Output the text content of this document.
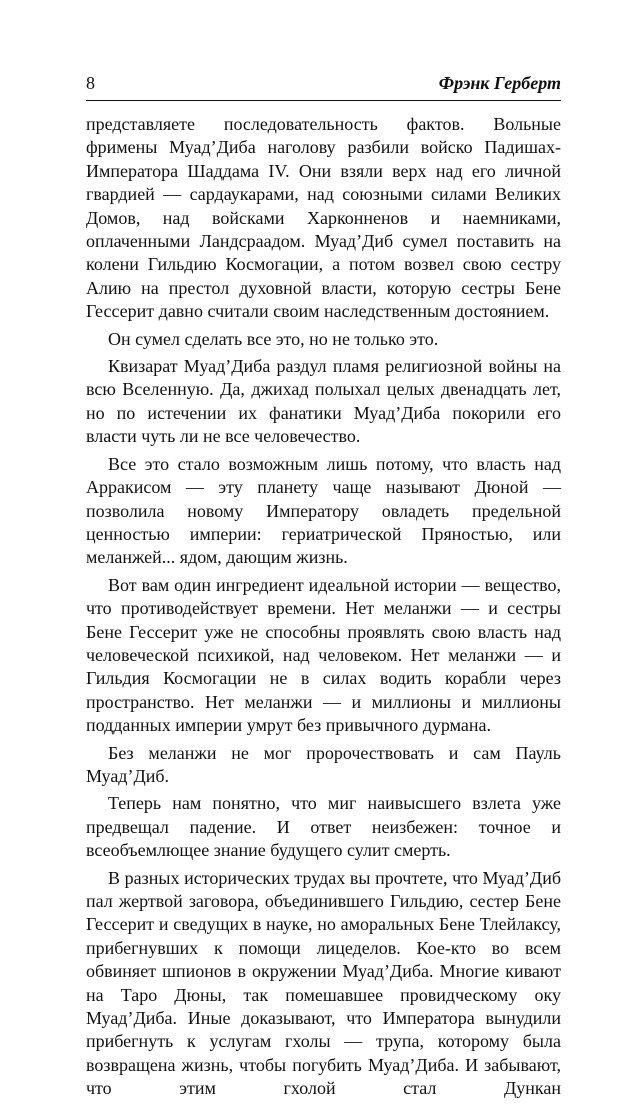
8	Фрэнк Герберт

представляете последовательность фактов. Вольные фримены Муад’Диба наголову разбили войско Падишах-Императора Шаддама IV. Они взяли верх над его личной гвардией — сардаукарами, над союзными силами Великих Домов, над войсками Харконненов и наемниками, оплаченными Ландсраадом. Муад’Диб сумел поставить на колени Гильдию Космогации, а потом возвел свою сестру Алию на престол духовной власти, которую сестры Бене Гессерит давно считали своим наследственным достоянием.

Он сумел сделать все это, но не только это.

Квизарат Муад’Диба раздул пламя религиозной войны на всю Вселенную. Да, джихад полыхал целых двенадцать лет, но по истечении их фанатики Муад’Диба покорили его власти чуть ли не все человечество.

Все это стало возможным лишь потому, что власть над Арракисом — эту планету чаще называют Дюной — позволила новому Императору овладеть предельной ценностью империи: гериатрической Пряностью, или меланжей... ядом, дающим жизнь.

Вот вам один ингредиент идеальной истории — вещество, что противодействует времени. Нет меланжи — и сестры Бене Гессерит уже не способны проявлять свою власть над человеческой психикой, над человеком. Нет меланжи — и Гильдия Космогации не в силах водить корабли через пространство. Нет меланжи — и миллионы и миллионы подданных империи умрут без привычного дурмана.

Без меланжи не мог пророчествовать и сам Пауль Муад’Диб.

Теперь нам понятно, что миг наивысшего взлета уже предвещал падение. И ответ неизбежен: точное и всеобъемлющее знание будущего сулит смерть.

В разных исторических трудах вы прочтете, что Муад’Диб пал жертвой заговора, объединившего Гильдию, сестер Бене Гессерит и сведущих в науке, но аморальных Бене Тлейлаксу, прибегнувших к помощи лицеделов. Кое-кто во всем обвиняет шпионов в окружении Муад’Диба. Многие кивают на Таро Дюны, так помешавшее провидческому оку Муад’Диба. Иные доказывают, что Императора вынудили прибегнуть к услугам гхолы — трупа, которому была возвращена жизнь, чтобы погубить Муад’Диба. И забывают, что этим гхолой стал Дункан
